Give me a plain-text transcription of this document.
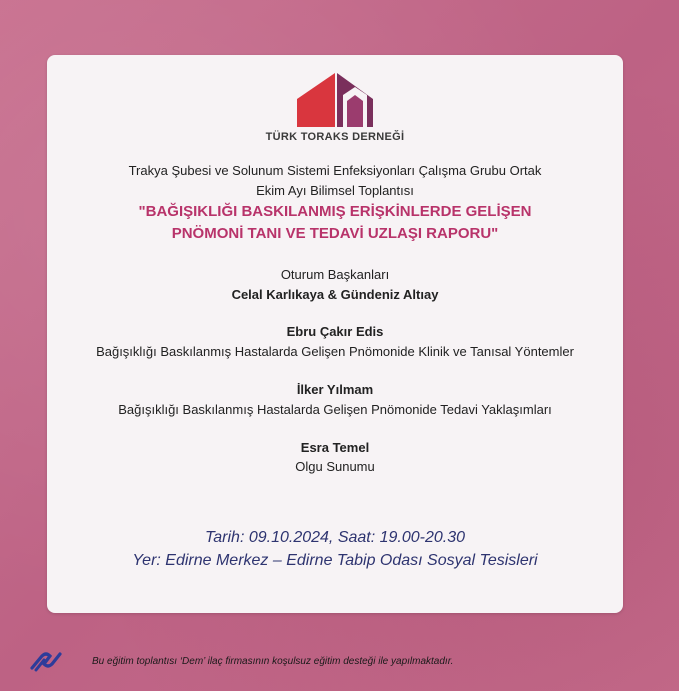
TÜRK TORAKS DERNEĞİ
Trakya Şubesi ve Solunum Sistemi Enfeksiyonları Çalışma Grubu Ortak
Ekim Ayı Bilimsel Toplantısı
"BAĞIŞIKLIĞI BASKILANMIŞ ERİŞKİNLERDE GELİŞEN
PNÖMONİ TANI VE TEDAVİ UZLAŞI RAPORU"
Oturum Başkanları
Celal Karlıkaya & Gündeniz Altıay
Ebru Çakır Edis
Bağışıklığı Baskılanmış Hastalarda Gelişen Pnömonide Klinik ve Tanısal Yöntemler
İlker Yılmam
Bağışıklığı Baskılanmış Hastalarda Gelişen Pnömonide Tedavi Yaklaşımları
Esra Temel
Olgu Sunumu
Tarih: 09.10.2024, Saat: 19.00-20.30
Yer: Edirne Merkez – Edirne Tabip Odası Sosyal Tesisleri
Bu eğitim toplantısı ‘Dem’ ilaç firmasının koşulsuz eğitim desteği ile yapılmaktadır.
